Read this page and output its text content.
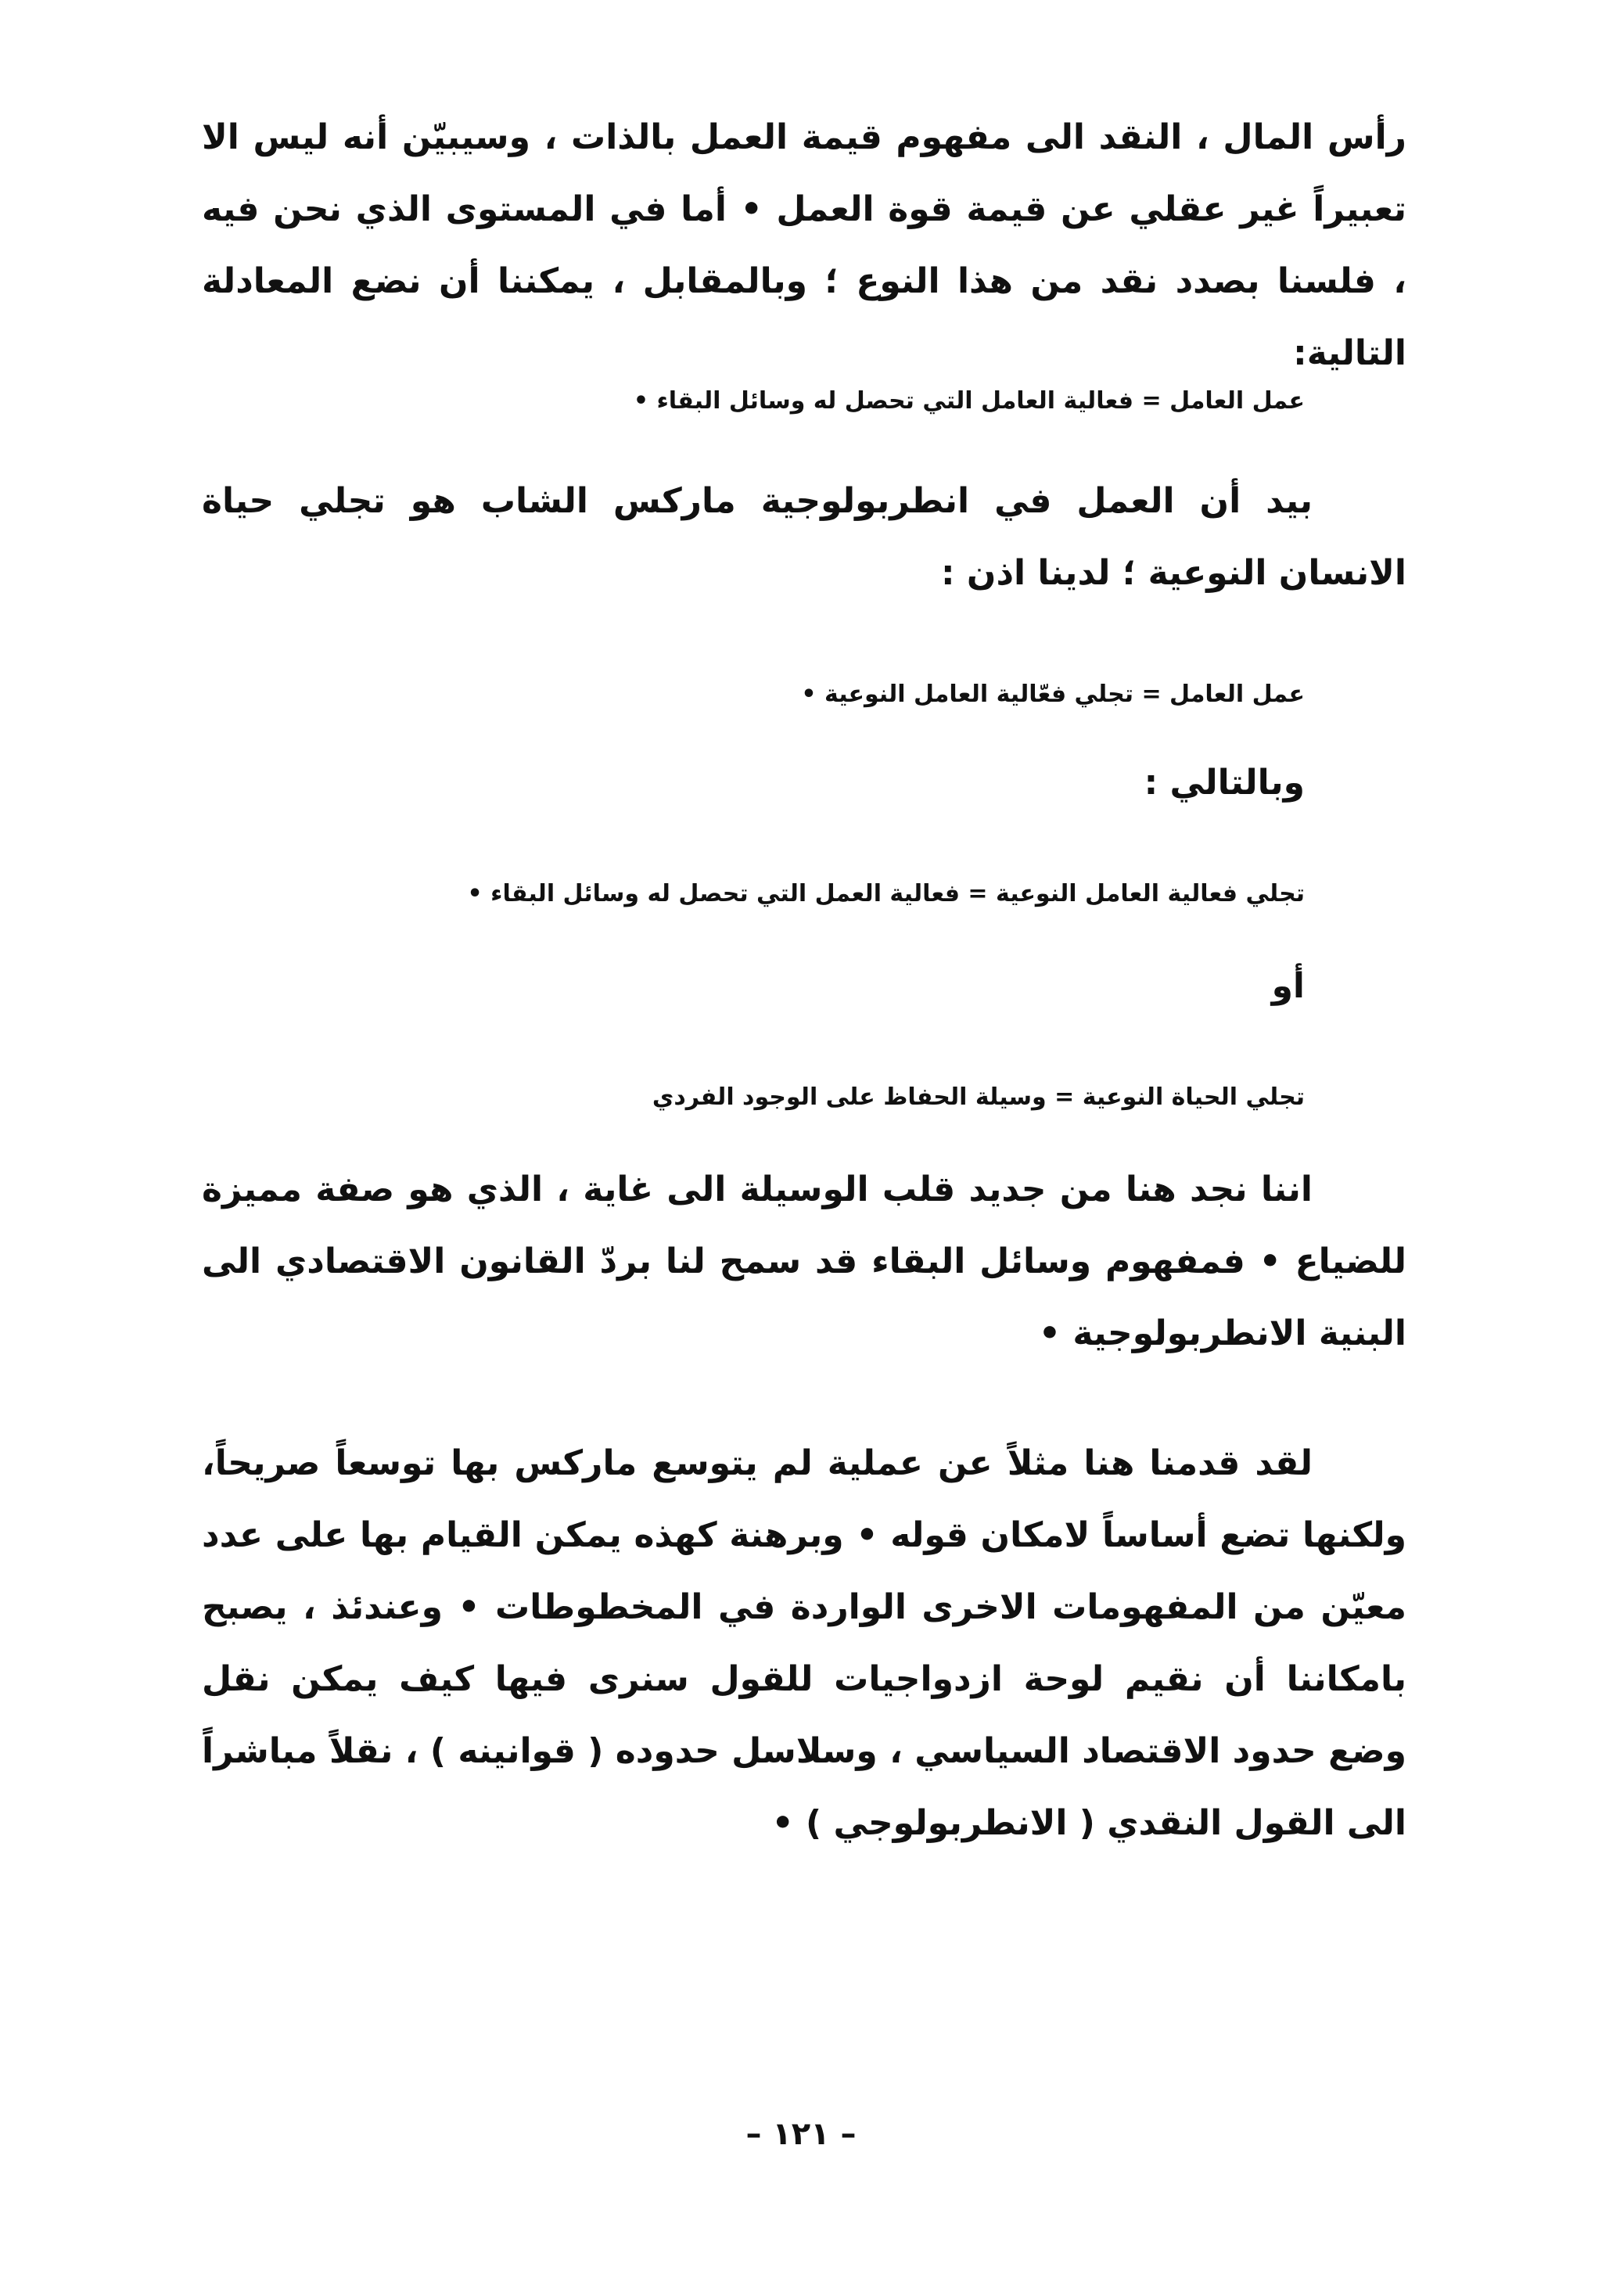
رأس المال ، النقد الى مفهوم قيمة العمل بالذات ، وسيبيّن أنه ليس الا تعبيراً غير عقلي عن قيمة قوة العمل • أما في المستوى الذي نحن فيه ، فلسنا بصدد نقد من هذا النوع ؛ وبالمقابل ، يمكننا أن نضع المعادلة التالية:

عمل العامل = فعالية العامل التي تحصل له وسائل البقاء •

بيد أن العمل في انطربولوجية ماركس الشاب هو تجلي حياة الانسان النوعية ؛ لدينا اذن :

عمل العامل = تجلي فعّالية العامل النوعية •

وبالتالي :

تجلي فعالية العامل النوعية = فعالية العمل التي تحصل له وسائل البقاء •

أو

تجلي الحياة النوعية = وسيلة الحفاظ على الوجود الفردي

اننا نجد هنا من جديد قلب الوسيلة الى غاية ، الذي هو صفة مميزة للضياع • فمفهوم وسائل البقاء قد سمح لنا بردّ القانون الاقتصادي الى البنية الانطربولوجية •

لقد قدمنا هنا مثلاً عن عملية لم يتوسع ماركس بها توسعاً صريحاً، ولكنها تضع أساساً لامكان قوله • وبرهنة كهذه يمكن القيام بها على عدد معيّن من المفهومات الاخرى الواردة في المخطوطات • وعندئذ ، يصبح بامكاننا أن نقيم لوحة ازدواجيات للقول سنرى فيها كيف يمكن نقل وضع حدود الاقتصاد السياسي ، وسلاسل حدوده ( قوانينه ) ، نقلاً مباشراً الى القول النقدي ( الانطربولوجي ) •

– ١٢١ –
